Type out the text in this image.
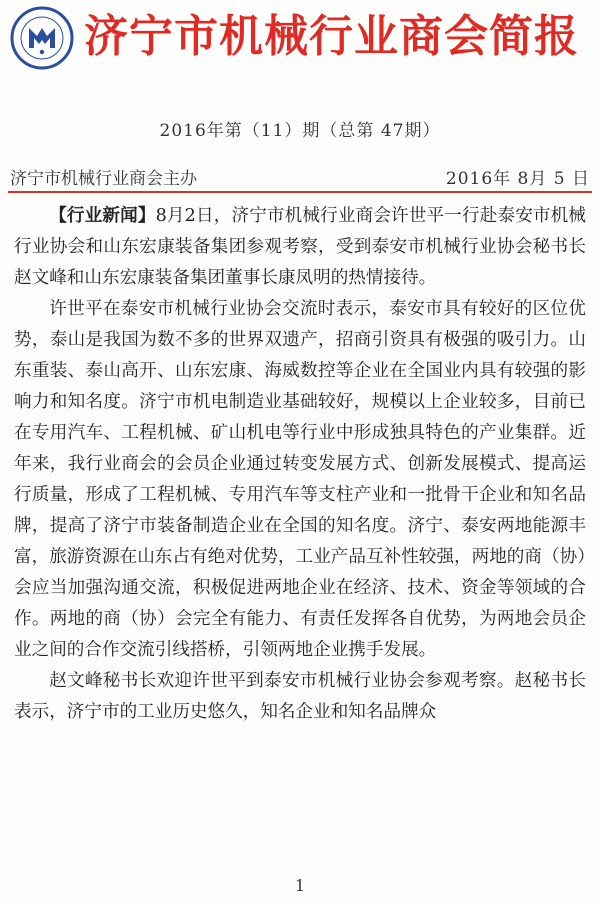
济宁市机械行业商会简报
2016年第（11）期（总第 47期）
济宁市机械行业商会主办	2016年 8月 5 日

【行业新闻】8月2日，济宁市机械行业商会许世平一行赴泰安市机械行业协会和山东宏康装备集团参观考察，受到泰安市机械行业协会秘书长赵文峰和山东宏康装备集团董事长康凤明的热情接待。

许世平在泰安市机械行业协会交流时表示，泰安市具有较好的区位优势，泰山是我国为数不多的世界双遗产，招商引资具有极强的吸引力。山东重装、泰山高开、山东宏康、海威数控等企业在全国业内具有较强的影响力和知名度。济宁市机电制造业基础较好，规模以上企业较多，目前已在专用汽车、工程机械、矿山机电等行业中形成独具特色的产业集群。近年来，我行业商会的会员企业通过转变发展方式、创新发展模式、提高运行质量，形成了工程机械、专用汽车等支柱产业和一批骨干企业和知名品牌，提高了济宁市装备制造企业在全国的知名度。济宁、泰安两地能源丰富，旅游资源在山东占有绝对优势，工业产品互补性较强，两地的商（协）会应当加强沟通交流，积极促进两地企业在经济、技术、资金等领域的合作。两地的商（协）会完全有能力、有责任发挥各自优势，为两地会员企业之间的合作交流引线搭桥，引领两地企业携手发展。

赵文峰秘书长欢迎许世平到泰安市机械行业协会参观考察。赵秘书长表示，济宁市的工业历史悠久，知名企业和知名品牌众

1
